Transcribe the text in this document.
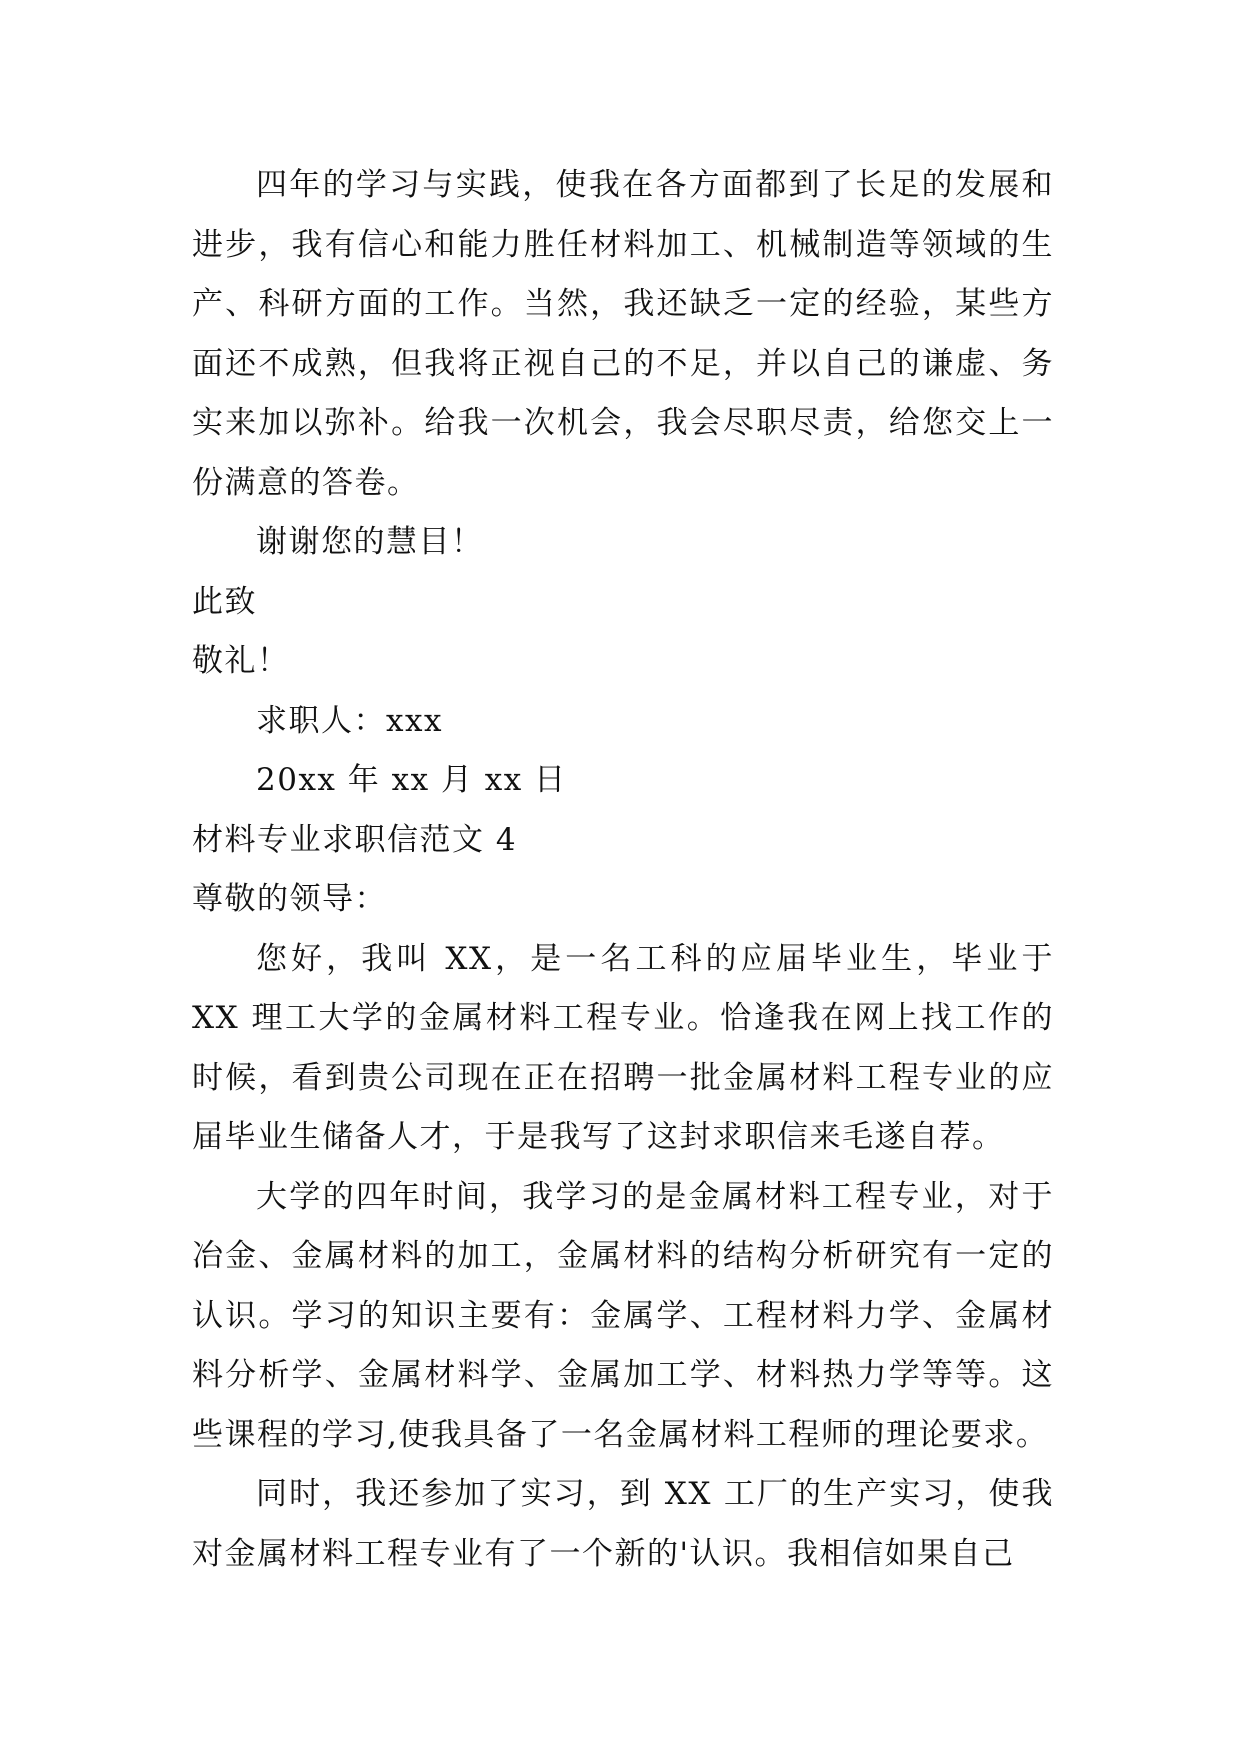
四年的学习与实践，使我在各方面都到了长足的发展和进步，我有信心和能力胜任材料加工、机械制造等领域的生产、科研方面的工作。当然，我还缺乏一定的经验，某些方面还不成熟，但我将正视自己的不足，并以自己的谦虚、务实来加以弥补。给我一次机会，我会尽职尽责，给您交上一份满意的答卷。

谢谢您的慧目！

此致

敬礼！

求职人：xxx

20xx 年 xx 月 xx 日

材料专业求职信范文 4

尊敬的领导：

您好，我叫 XX，是一名工科的应届毕业生，毕业于 XX 理工大学的金属材料工程专业。恰逢我在网上找工作的时候，看到贵公司现在正在招聘一批金属材料工程专业的应届毕业生储备人才，于是我写了这封求职信来毛遂自荐。

大学的四年时间，我学习的是金属材料工程专业，对于冶金、金属材料的加工，金属材料的结构分析研究有一定的认识。学习的知识主要有：金属学、工程材料力学、金属材料分析学、金属材料学、金属加工学、材料热力学等等。这些课程的学习,使我具备了一名金属材料工程师的理论要求。

同时，我还参加了实习，到 XX 工厂的生产实习，使我对金属材料工程专业有了一个新的'认识。我相信如果自己
